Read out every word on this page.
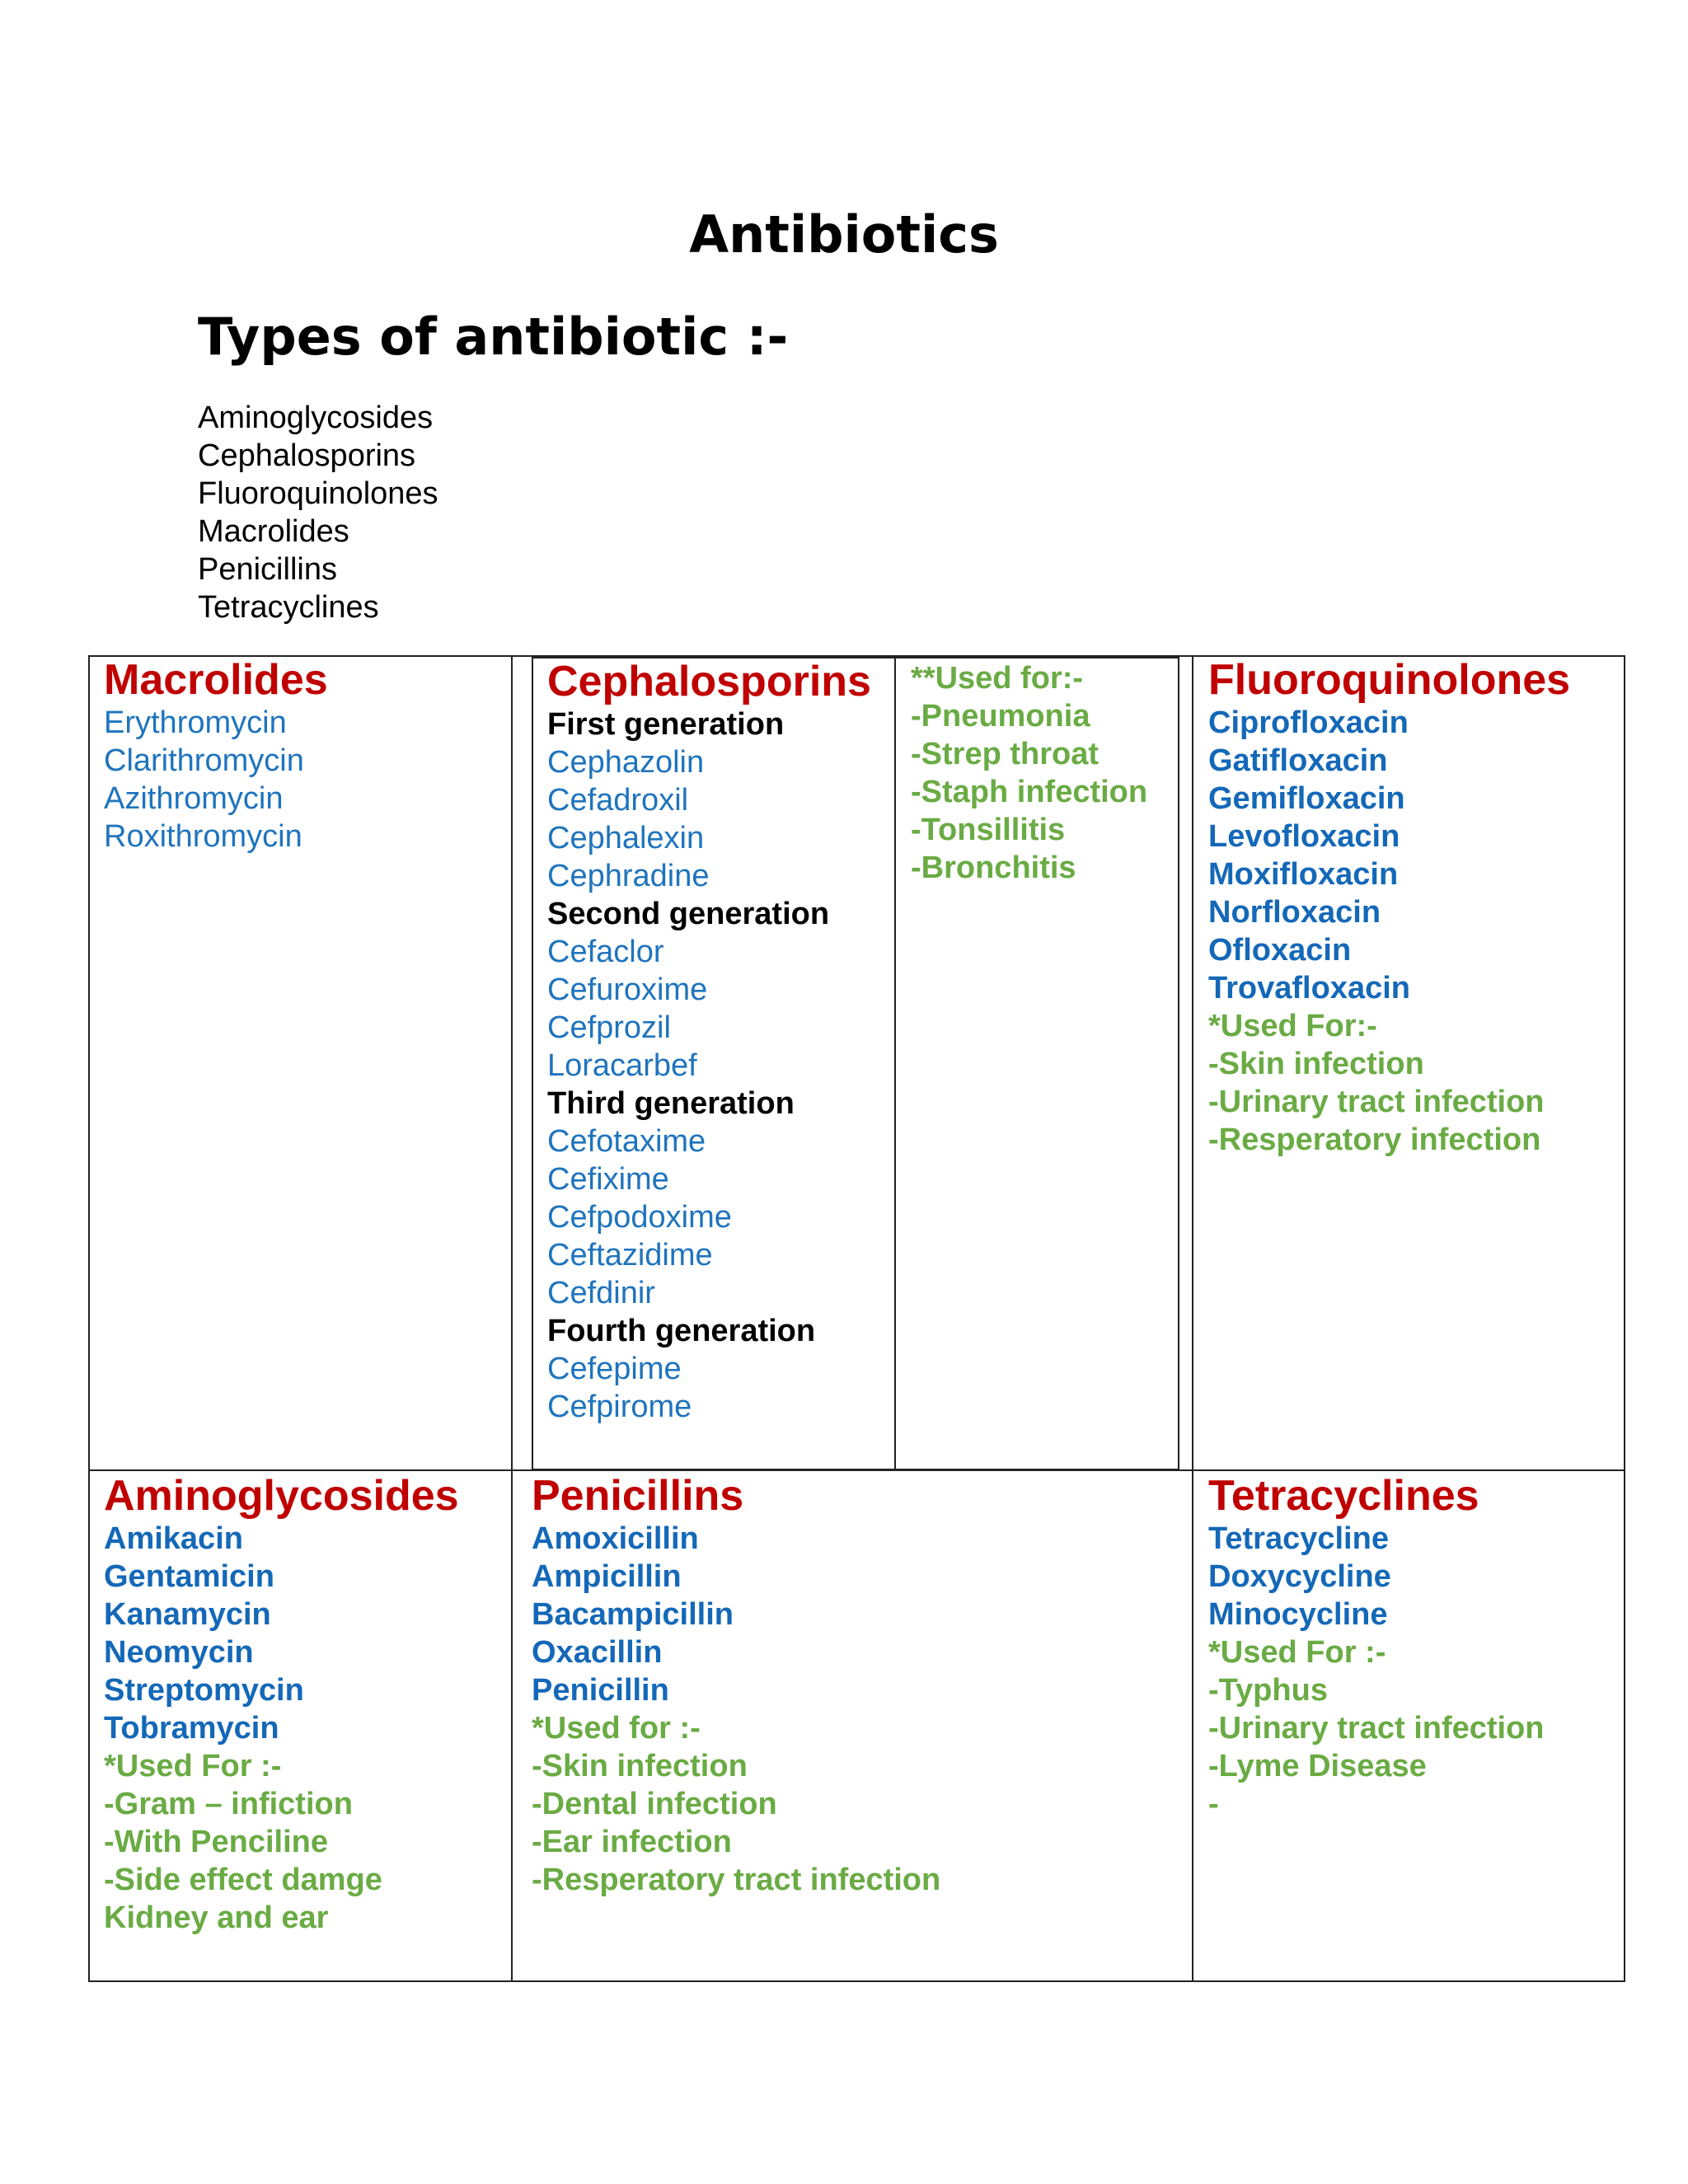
Antibiotics
Types of antibiotic :-
Aminoglycosides
Cephalosporins
Fluoroquinolones
Macrolides
Penicillins
Tetracyclines
Macrolides
Erythromycin
Clarithromycin
Azithromycin
Roxithromycin
Cephalosporins
First generation
Cephazolin
Cefadroxil
Cephalexin
Cephradine
Second generation
Cefaclor
Cefuroxime
Cefprozil
Loracarbef
Third generation
Cefotaxime
Cefixime
Cefpodoxime
Ceftazidime
Cefdinir
Fourth generation
Cefepime
Cefpirome
**Used for:-
-Pneumonia
-Strep throat
-Staph infection
-Tonsillitis
-Bronchitis
Fluoroquinolones
Ciprofloxacin
Gatifloxacin
Gemifloxacin
Levofloxacin
Moxifloxacin
Norfloxacin
Ofloxacin
Trovafloxacin
*Used For:-
-Skin infection
-Urinary tract infection
-Resperatory infection
Aminoglycosides
Amikacin
Gentamicin
Kanamycin
Neomycin
Streptomycin
Tobramycin
*Used For :-
-Gram – infiction
-With Penciline
-Side effect damge
Kidney and ear
Penicillins
Amoxicillin
Ampicillin
Bacampicillin
Oxacillin
Penicillin
*Used for :-
-Skin infection
-Dental infection
-Ear infection
-Resperatory tract infection
Tetracyclines
Tetracycline
Doxycycline
Minocycline
*Used For :-
-Typhus
-Urinary tract infection
-Lyme Disease
-
